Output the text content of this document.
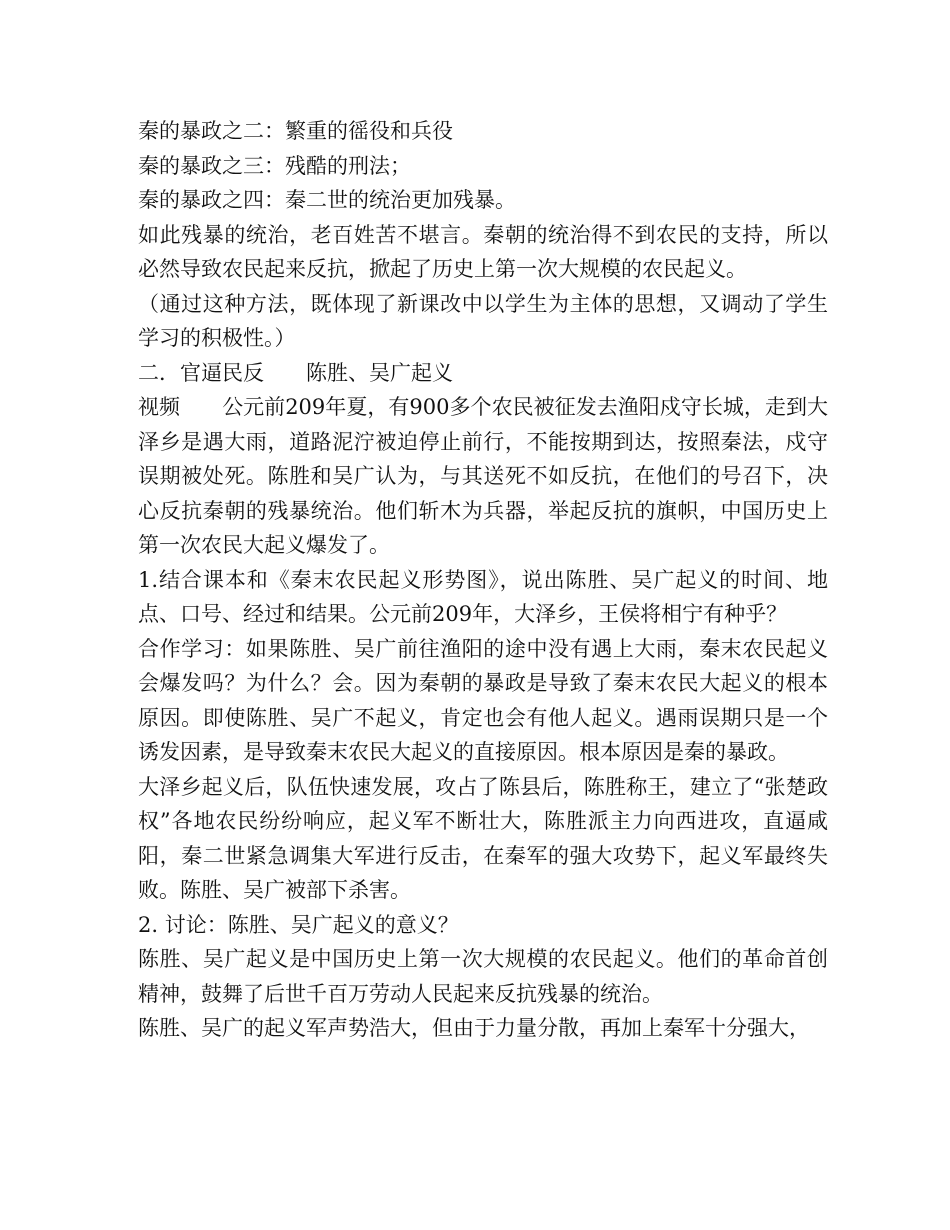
秦的暴政之二：繁重的徭役和兵役

秦的暴政之三：残酷的刑法；

秦的暴政之四：秦二世的统治更加残暴。

如此残暴的统治，老百姓苦不堪言。秦朝的统治得不到农民的支持，所以必然导致农民起来反抗，掀起了历史上第一次大规模的农民起义。

（通过这种方法，既体现了新课改中以学生为主体的思想，又调动了学生学习的积极性。）

二．官逼民反　　陈胜、吴广起义

视频　　公元前209年夏，有900多个农民被征发去渔阳戍守长城，走到大泽乡是遇大雨，道路泥泞被迫停止前行，不能按期到达，按照秦法，戍守误期被处死。陈胜和吴广认为，与其送死不如反抗，在他们的号召下，决心反抗秦朝的残暴统治。他们斩木为兵器，举起反抗的旗帜，中国历史上第一次农民大起义爆发了。

1.结合课本和《秦末农民起义形势图》，说出陈胜、吴广起义的时间、地点、口号、经过和结果。公元前209年，大泽乡，王侯将相宁有种乎？

合作学习：如果陈胜、吴广前往渔阳的途中没有遇上大雨，秦末农民起义会爆发吗？为什么？会。因为秦朝的暴政是导致了秦末农民大起义的根本原因。即使陈胜、吴广不起义，肯定也会有他人起义。遇雨误期只是一个诱发因素，是导致秦末农民大起义的直接原因。根本原因是秦的暴政。

大泽乡起义后，队伍快速发展，攻占了陈县后，陈胜称王，建立了“张楚政权”各地农民纷纷响应，起义军不断壮大，陈胜派主力向西进攻，直逼咸阳，秦二世紧急调集大军进行反击，在秦军的强大攻势下，起义军最终失败。陈胜、吴广被部下杀害。

2. 讨论：陈胜、吴广起义的意义？

陈胜、吴广起义是中国历史上第一次大规模的农民起义。他们的革命首创精神，鼓舞了后世千百万劳动人民起来反抗残暴的统治。

陈胜、吴广的起义军声势浩大，但由于力量分散，再加上秦军十分强大，
